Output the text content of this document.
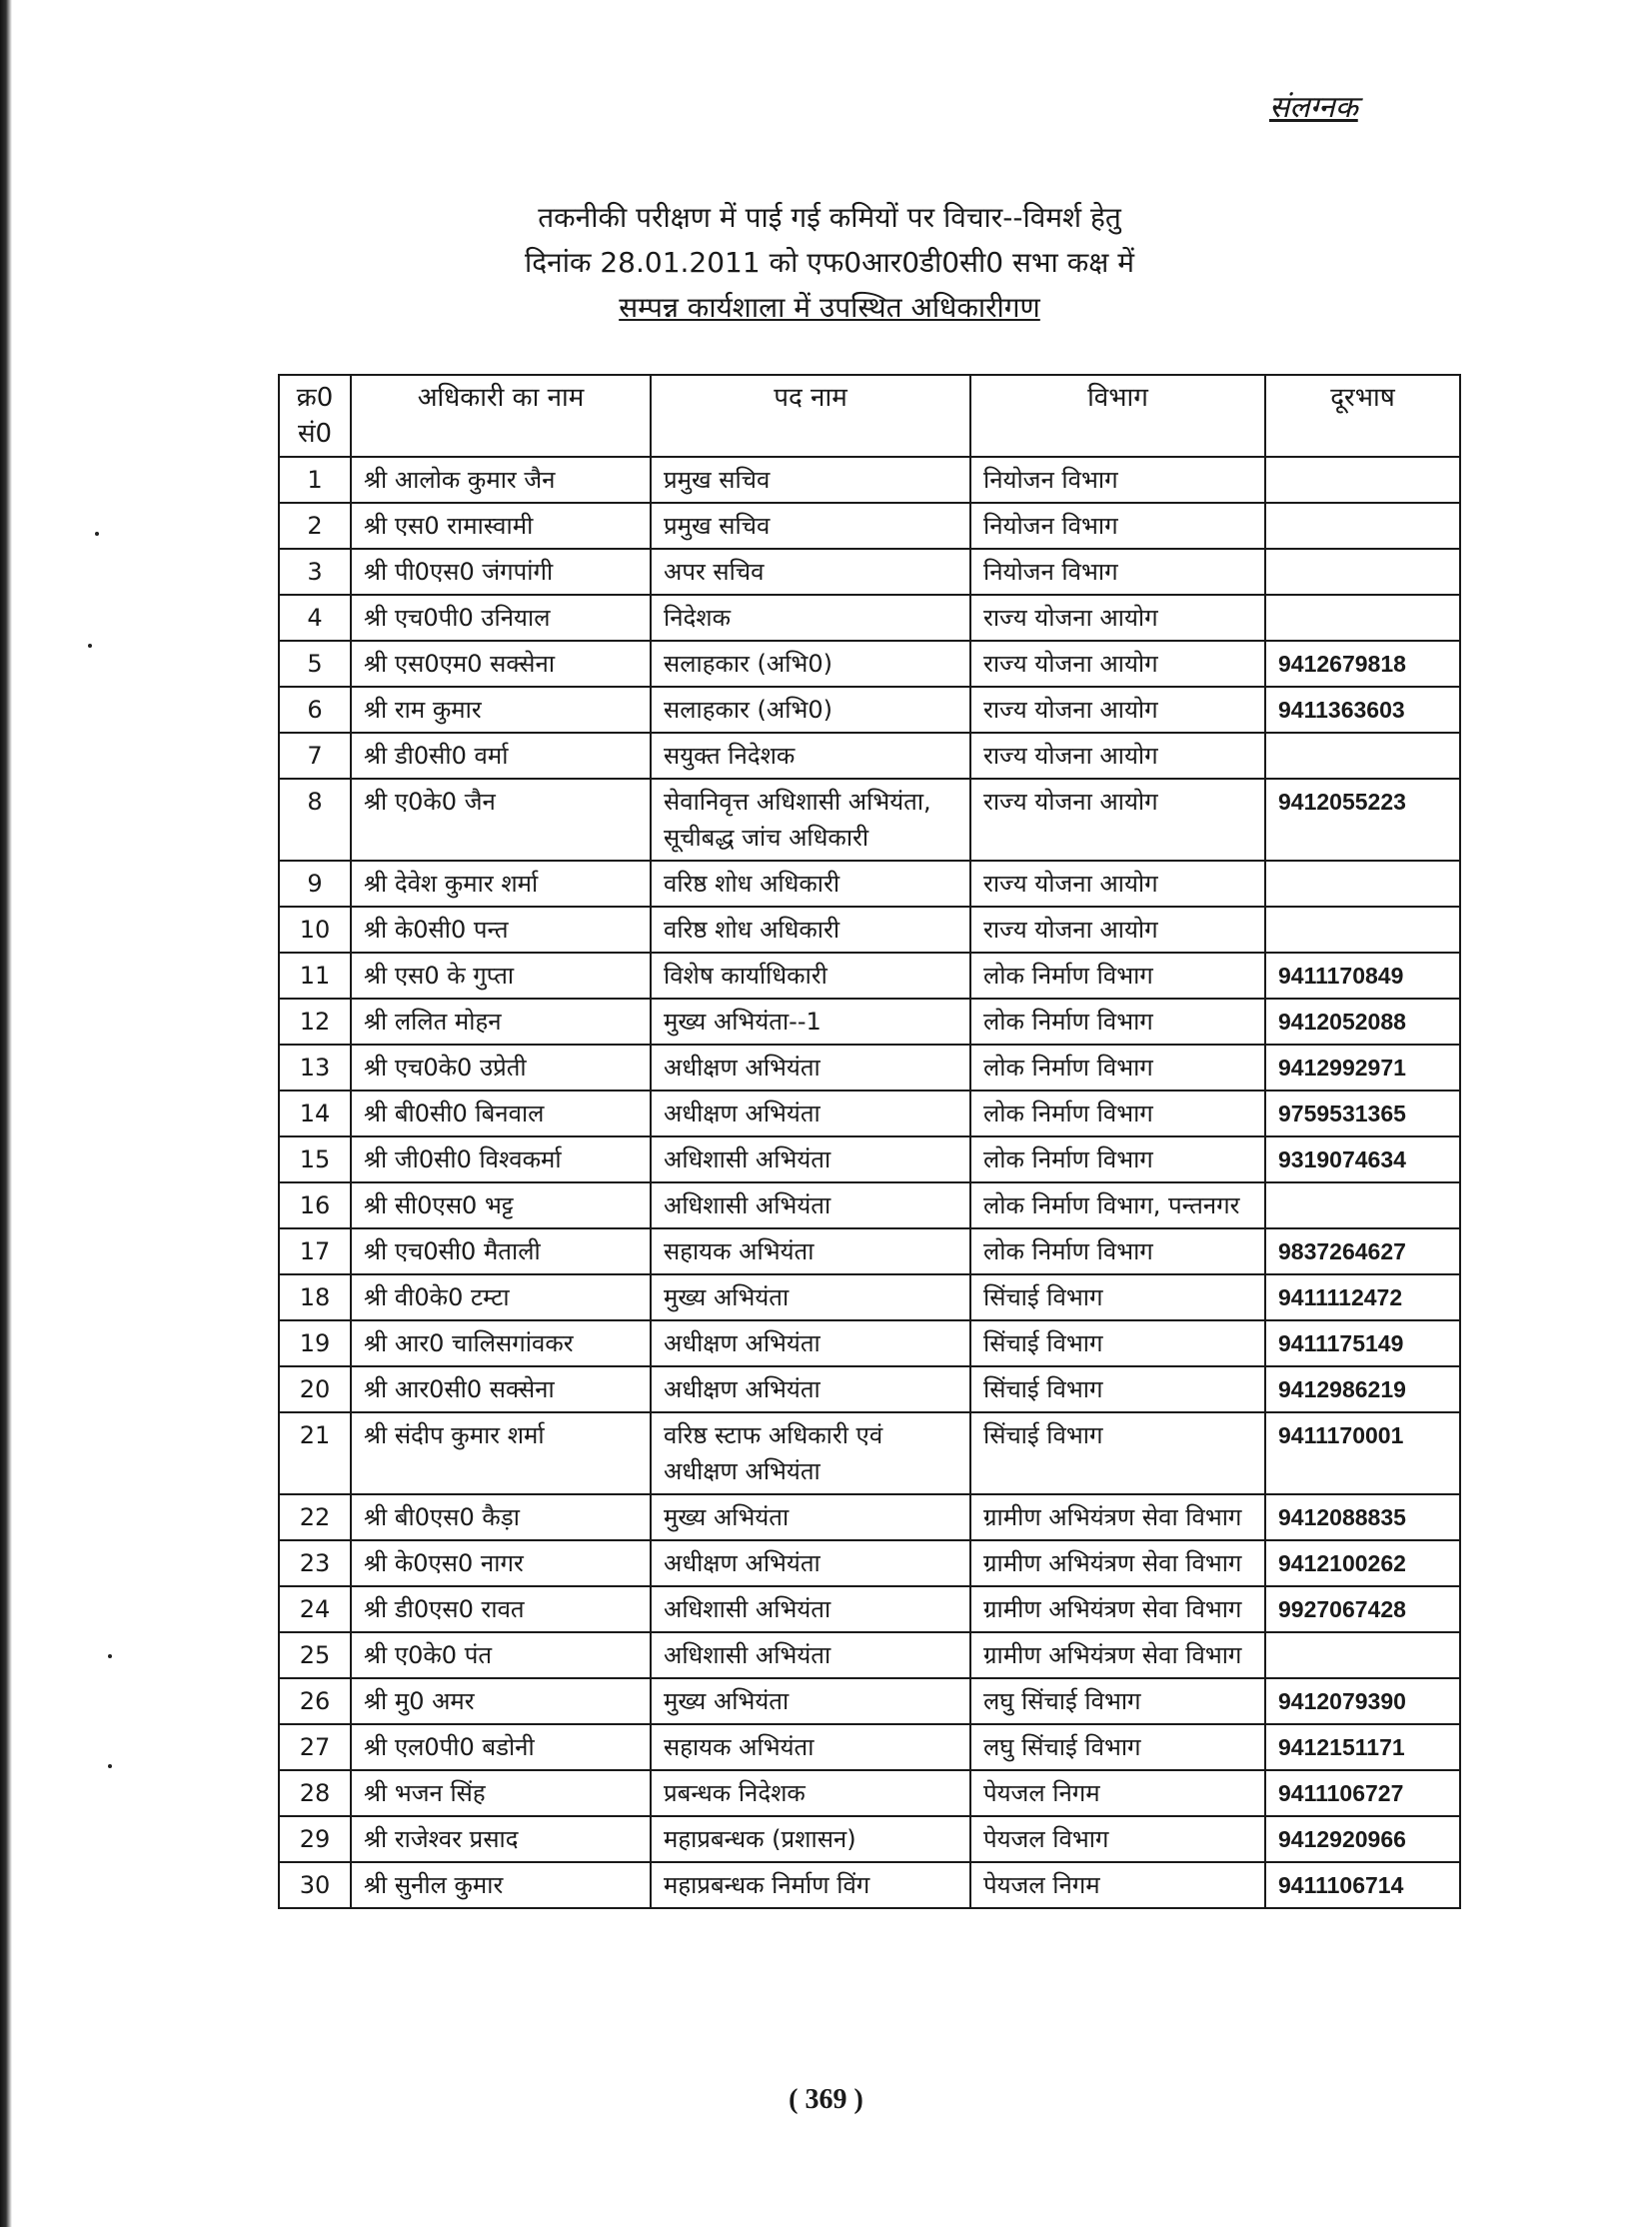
संलग्नक
तकनीकी परीक्षण में पाई गई कमियों पर विचार--विमर्श हेतु
दिनांक 28.01.2011 को एफ0आर0डी0सी0 सभा कक्ष में
सम्पन्न कार्यशाला में उपस्थित अधिकारीगण
क्र0 सं0	अधिकारी का नाम	पद नाम	विभाग	दूरभाष
1	श्री आलोक कुमार जैन	प्रमुख सचिव	नियोजन विभाग	
2	श्री एस0 रामास्वामी	प्रमुख सचिव	नियोजन विभाग	
3	श्री पी0एस0 जंगपांगी	अपर सचिव	नियोजन विभाग	
4	श्री एच0पी0 उनियाल	निदेशक	राज्य योजना आयोग	
5	श्री एस0एम0 सक्सेना	सलाहकार (अभि0)	राज्य योजना आयोग	9412679818
6	श्री राम कुमार	सलाहकार (अभि0)	राज्य योजना आयोग	9411363603
7	श्री डी0सी0 वर्मा	सयुक्त निदेशक	राज्य योजना आयोग	
8	श्री ए0के0 जैन	सेवानिवृत्त अधिशासी अभियंता, सूचीबद्ध जांच अधिकारी	राज्य योजना आयोग	9412055223
9	श्री देवेश कुमार शर्मा	वरिष्ठ शोध अधिकारी	राज्य योजना आयोग	
10	श्री के0सी0 पन्त	वरिष्ठ शोध अधिकारी	राज्य योजना आयोग	
11	श्री एस0 के गुप्ता	विशेष कार्याधिकारी	लोक निर्माण विभाग	9411170849
12	श्री ललित मोहन	मुख्य अभियंता--1	लोक निर्माण विभाग	9412052088
13	श्री एच0के0 उप्रेती	अधीक्षण अभियंता	लोक निर्माण विभाग	9412992971
14	श्री बी0सी0 बिनवाल	अधीक्षण अभियंता	लोक निर्माण विभाग	9759531365
15	श्री जी0सी0 विश्वकर्मा	अधिशासी अभियंता	लोक निर्माण विभाग	9319074634
16	श्री सी0एस0 भट्ट	अधिशासी अभियंता	लोक निर्माण विभाग, पन्तनगर	
17	श्री एच0सी0 मैताली	सहायक अभियंता	लोक निर्माण विभाग	9837264627
18	श्री वी0के0 टम्टा	मुख्य अभियंता	सिंचाई विभाग	9411112472
19	श्री आर0 चालिसगांवकर	अधीक्षण अभियंता	सिंचाई विभाग	9411175149
20	श्री आर0सी0 सक्सेना	अधीक्षण अभियंता	सिंचाई विभाग	9412986219
21	श्री संदीप कुमार शर्मा	वरिष्ठ स्टाफ अधिकारी एवं अधीक्षण अभियंता	सिंचाई विभाग	9411170001
22	श्री बी0एस0 कैड़ा	मुख्य अभियंता	ग्रामीण अभियंत्रण सेवा विभाग	9412088835
23	श्री के0एस0 नागर	अधीक्षण अभियंता	ग्रामीण अभियंत्रण सेवा विभाग	9412100262
24	श्री डी0एस0 रावत	अधिशासी अभियंता	ग्रामीण अभियंत्रण सेवा विभाग	9927067428
25	श्री ए0के0 पंत	अधिशासी अभियंता	ग्रामीण अभियंत्रण सेवा विभाग	
26	श्री मु0 अमर	मुख्य अभियंता	लघु सिंचाई विभाग	9412079390
27	श्री एल0पी0 बडोनी	सहायक अभियंता	लघु सिंचाई विभाग	9412151171
28	श्री भजन सिंह	प्रबन्धक निदेशक	पेयजल निगम	9411106727
29	श्री राजेश्वर प्रसाद	महाप्रबन्धक (प्रशासन)	पेयजल विभाग	9412920966
30	श्री सुनील कुमार	महाप्रबन्धक निर्माण विंग	पेयजल निगम	9411106714
( 369 )
